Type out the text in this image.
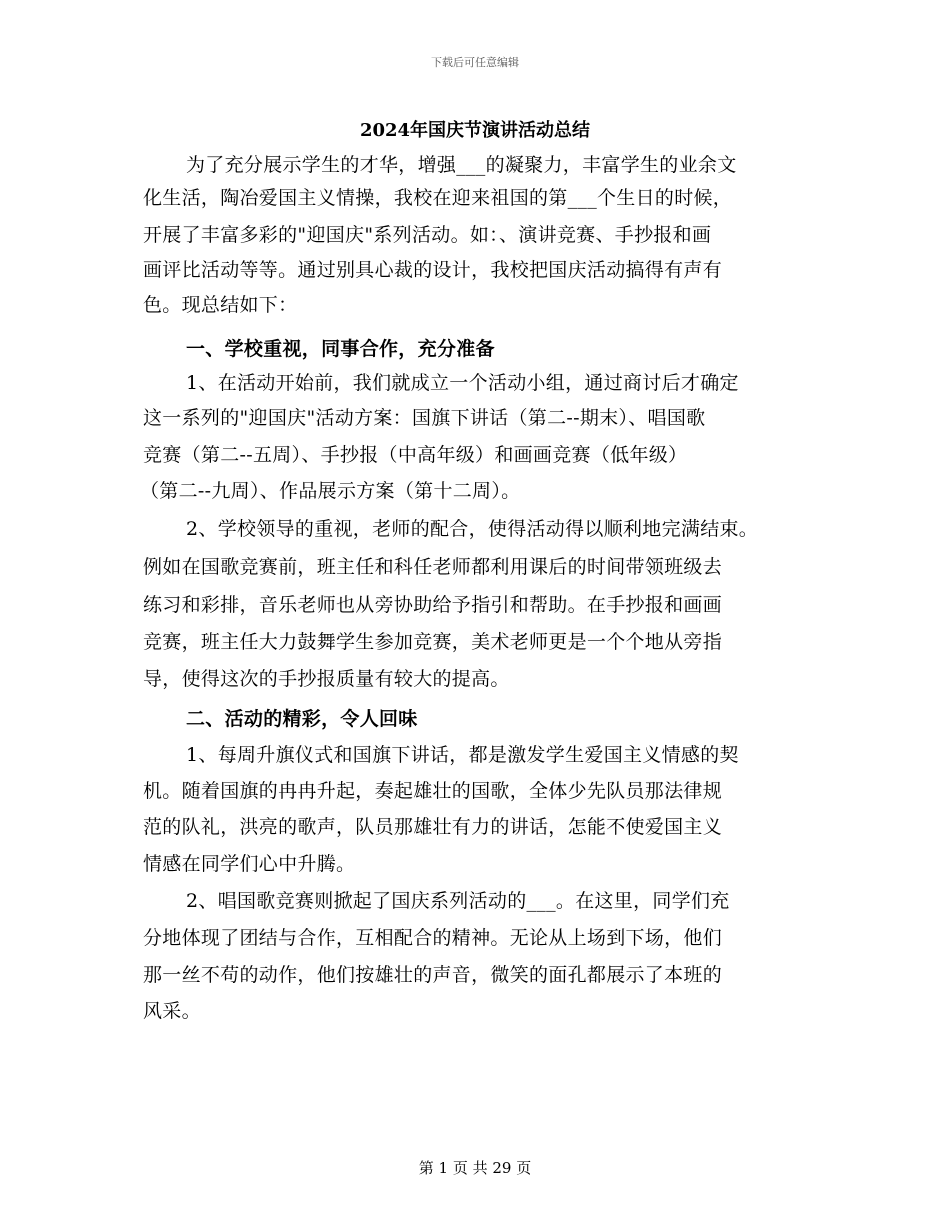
下载后可任意编辑
2024年国庆节演讲活动总结
为了充分展示学生的才华，增强___的凝聚力，丰富学生的业余文
化生活，陶冶爱国主义情操，我校在迎来祖国的第___个生日的时候，
开展了丰富多彩的"迎国庆"系列活动。如：、演讲竞赛、手抄报和画
画评比活动等等。通过别具心裁的设计，我校把国庆活动搞得有声有
色。现总结如下：
一、学校重视，同事合作，充分准备
1、在活动开始前，我们就成立一个活动小组，通过商讨后才确定
这一系列的"迎国庆"活动方案：国旗下讲话（第二--期末）、唱国歌
竞赛（第二--五周）、手抄报（中高年级）和画画竞赛（低年级）
（第二--九周）、作品展示方案（第十二周）。
2、学校领导的重视，老师的配合，使得活动得以顺利地完满结束。
例如在国歌竞赛前，班主任和科任老师都利用课后的时间带领班级去
练习和彩排，音乐老师也从旁协助给予指引和帮助。在手抄报和画画
竞赛，班主任大力鼓舞学生参加竞赛，美术老师更是一个个地从旁指
导，使得这次的手抄报质量有较大的提高。
二、活动的精彩，令人回味
1、每周升旗仪式和国旗下讲话，都是激发学生爱国主义情感的契
机。随着国旗的冉冉升起，奏起雄壮的国歌，全体少先队员那法律规
范的队礼，洪亮的歌声，队员那雄壮有力的讲话，怎能不使爱国主义
情感在同学们心中升腾。
2、唱国歌竞赛则掀起了国庆系列活动的___。在这里，同学们充
分地体现了团结与合作，互相配合的精神。无论从上场到下场，他们
那一丝不苟的动作，他们按雄壮的声音，微笑的面孔都展示了本班的
风采。
第 1 页 共 29 页
